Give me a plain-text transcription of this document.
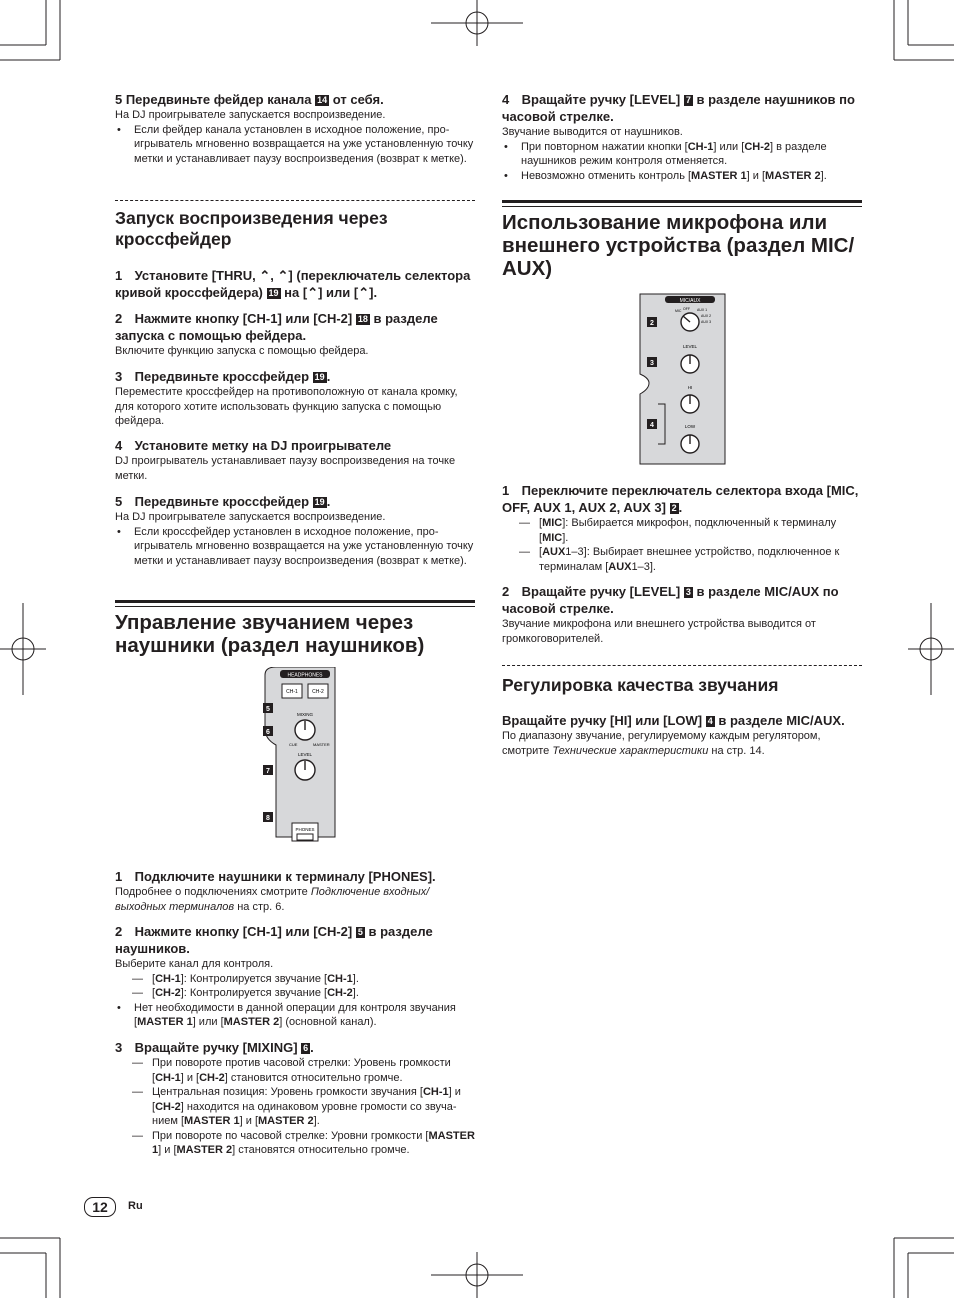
5 Передвиньте фейдер канала 14 от себя.
На DJ проигрывателе запускается воспроизведение.
• Если фейдер канала установлен в исходное положение, про-игрыватель мгновенно возвращается на уже установленную точку метки и устанавливает паузу воспроизведения (возврат к метке).
Запуск воспроизведения через кроссфейдер
1 Установите [THRU, ⌃, ⌃] (переключатель селектора кривой кроссфейдера) 19 на [⌃] или [⌃].
2 Нажмите кнопку [CH-1] или [CH-2] 18 в разделе запуска с помощью фейдера.
Включите функцию запуска с помощью фейдера.
3 Передвиньте кроссфейдер 19 .
Переместите кроссфейдер на противоположную от канала кромку, для которого хотите использовать функцию запуска с помощью фейдера.
4 Установите метку на DJ проигрывателе
DJ проигрыватель устанавливает паузу воспроизведения на точке метки.
5 Передвиньте кроссфейдер 19 .
На DJ проигрывателе запускается воспроизведение.
• Если кроссфейдер установлен в исходное положение, про-игрыватель мгновенно возвращается на уже установленную точку метки и устанавливает паузу воспроизведения (возврат к метке).
Управление звучанием через наушники (раздел наушников)
HEADPHONES
CH-1	CH-2
MIXING
CUE	MASTER
LEVEL
PHONES
5
6
7
8
1 Подключите наушники к терминалу [PHONES].
Подробнее о подключениях смотрите Подключение входных/ выходных терминалов на стр. 6.
2 Нажмите кнопку [CH-1] или [CH-2] 5 в разделе наушников.
Выберите канал для контроля.
— [CH-1]: Контролируется звучание [CH-1].
— [CH-2]: Контролируется звучание [CH-2].
• Нет необходимости в данной операции для контроля звучания [MASTER 1] или [MASTER 2] (основной канал).
3 Вращайте ручку [MIXING] 6 .
— При повороте против часовой стрелки: Уровень громкости [CH-1] и [CH-2] становится относительно громче.
— Центральная позиция: Уровень громкости звучания [CH-1] и [CH-2] находится на одинаковом уровне громости со звуча-нием [MASTER 1] и [MASTER 2].
— При повороте по часовой стрелке: Уровни громкости [MASTER 1] и [MASTER 2] становятся относительно громче.
4 Вращайте ручку [LEVEL] 7 в разделе наушников по часовой стрелке.
Звучание выводится от наушников.
• При повторном нажатии кнопки [CH-1] или [CH-2] в разделе наушников режим контроля отменяется.
• Невозможно отменить контроль [MASTER 1] и [MASTER 2].
Использование микрофона или внешнего устройства (раздел MIC/ AUX)
MIC/AUX
OFF
MIC	AUX 1
AUX 2
AUX 3
LEVEL
HI
LOW
2
3
4
1 Переключите переключатель селектора входа [MIC, OFF, AUX 1, AUX 2, AUX 3] 2 .
— [MIC]: Выбирается микрофон, подключенный к терминалу [MIC].
— [AUX1–3]: Выбирает внешнее устройство, подключенное к терминалам [AUX1–3].
2 Вращайте ручку [LEVEL] 3 в разделе MIC/AUX по часовой стрелке.
Звучание микрофона или внешнего устройства выводится от громкоговорителей.
Регулировка качества звучания
Вращайте ручку [HI] или [LOW] 4 в разделе MIC/AUX.
По диапазону звучание, регулируемому каждым регулятором, смотрите Технические характеристики на стр. 14.
12	Ru
